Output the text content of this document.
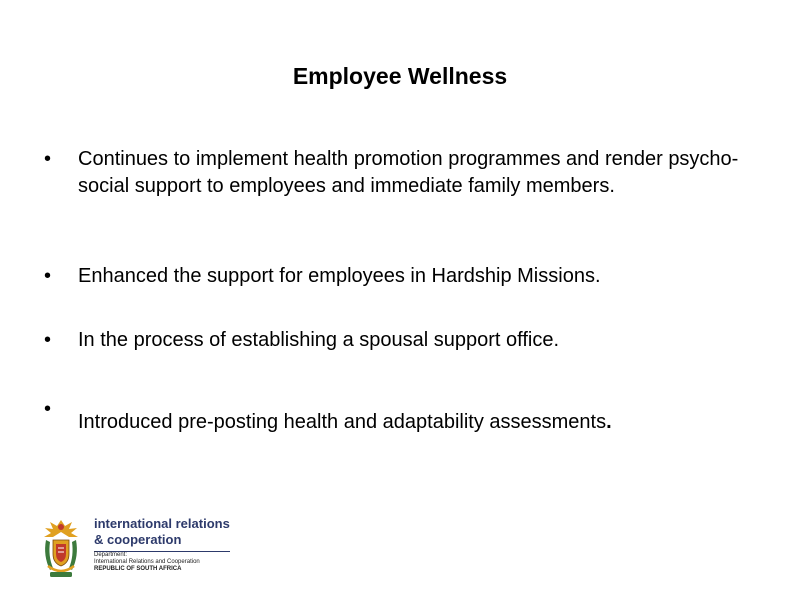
Employee Wellness
• Continues to implement health promotion programmes and render psycho-social support to employees and immediate family members.
• Enhanced the support for employees in Hardship Missions.
• In the process of establishing a spousal support office.
•
Introduced pre-posting health and adaptability assessments.
international relations
& cooperation
Department:
International Relations and Cooperation
REPUBLIC OF SOUTH AFRICA
